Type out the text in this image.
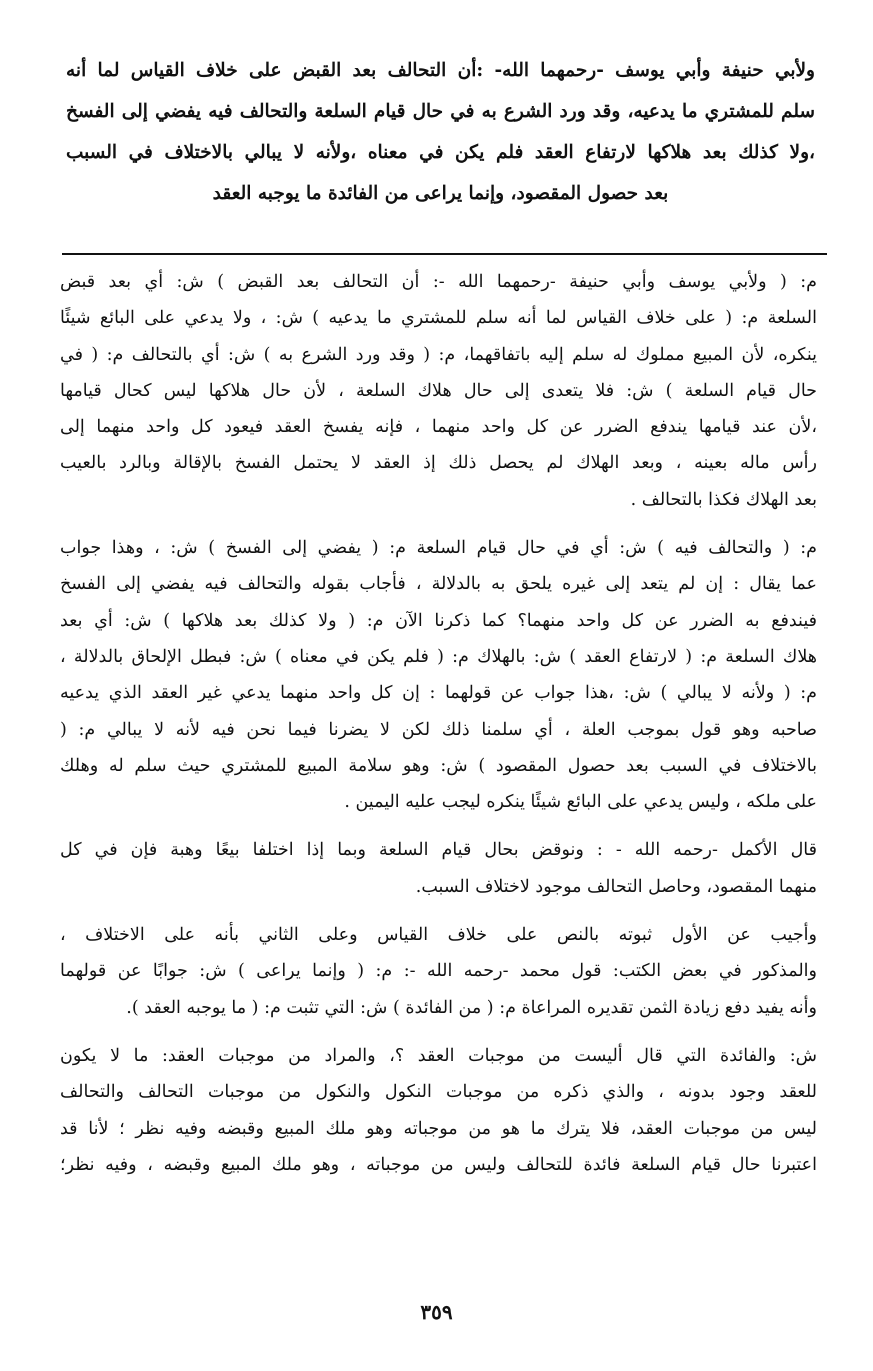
ولأبي حنيفة وأبي يوسف -رحمهما الله- :أن التحالف بعد القبض على خلاف القياس لما أنه
سلم للمشتري ما يدعيه، وقد ورد الشرع به في حال قيام السلعة والتحالف فيه يفضي إلى الفسخ
،ولا كذلك بعد هلاكها لارتفاع العقد فلم يكن في معناه ،ولأنه لا يبالي بالاختلاف في السبب
بعد حصول المقصود، وإنما يراعى من الفائدة ما يوجبه العقد
م: ( ولأبي يوسف وأبي حنيفة -رحمهما الله -: أن التحالف بعد القبض ) ش: أي بعد قبض
السلعة م: ( على خلاف القياس لما أنه سلم للمشتري ما يدعيه ) ش: ، ولا يدعي على البائع شيئًا
ينكره، لأن المبيع مملوك له سلم إليه باتفاقهما، م: ( وقد ورد الشرع به ) ش: أي بالتحالف م: ( في
حال قيام السلعة ) ش: فلا يتعدى إلى حال هلاك السلعة ، لأن حال هلاكها ليس كحال قيامها
،لأن عند قيامها يندفع الضرر عن كل واحد منهما ، فإنه يفسخ العقد فيعود كل واحد منهما إلى
رأس ماله بعينه ، وبعد الهلاك لم يحصل ذلك إذ العقد لا يحتمل الفسخ بالإقالة وبالرد بالعيب
بعد الهلاك فكذا بالتحالف .
م: ( والتحالف فيه ) ش: أي في حال قيام السلعة م: ( يفضي إلى الفسخ ) ش: ، وهذا جواب
عما يقال : إن لم يتعد إلى غيره يلحق به بالدلالة ، فأجاب بقوله والتحالف فيه يفضي إلى الفسخ
فيندفع به الضرر عن كل واحد منهما؟ كما ذكرنا الآن م: ( ولا كذلك بعد هلاكها ) ش: أي بعد
هلاك السلعة م: ( لارتفاع العقد ) ش: بالهلاك م: ( فلم يكن في معناه ) ش: فبطل الإلحاق بالدلالة ،
م: ( ولأنه لا يبالي ) ش: ،هذا جواب عن قولهما : إن كل واحد منهما يدعي غير العقد الذي يدعيه
صاحبه وهو قول بموجب العلة ، أي سلمنا ذلك لكن لا يضرنا فيما نحن فيه لأنه لا يبالي م: (
بالاختلاف في السبب بعد حصول المقصود ) ش: وهو سلامة المبيع للمشتري حيث سلم له وهلك
على ملكه ، وليس يدعي على البائع شيئًا ينكره ليجب عليه اليمين .
قال الأكمل -رحمه الله - : ونوقض بحال قيام السلعة وبما إذا اختلفا بيعًا وهبة فإن في كل
منهما المقصود، وحاصل التحالف موجود لاختلاف السبب.
وأجيب عن الأول ثبوته بالنص على خلاف القياس وعلى الثاني بأنه على الاختلاف ،
والمذكور في بعض الكتب: قول محمد -رحمه الله -: م: ( وإنما يراعى ) ش: جوابًا عن قولهما
وأنه يفيد دفع زيادة الثمن تقديره المراعاة م: ( من الفائدة ) ش: التي تثبت م: ( ما يوجبه العقد ).
ش: والفائدة التي قال أليست من موجبات العقد ؟، والمراد من موجبات العقد: ما لا يكون
للعقد وجود بدونه ، والذي ذكره من موجبات النكول والنكول من موجبات التحالف والتحالف
ليس من موجبات العقد، فلا يترك ما هو من موجباته وهو ملك المبيع وقبضه وفيه نظر ؛ لأنا قد
اعتبرنا حال قيام السلعة فائدة للتحالف وليس من موجباته ، وهو ملك المبيع وقبضه ، وفيه نظر؛
٣٥٩
